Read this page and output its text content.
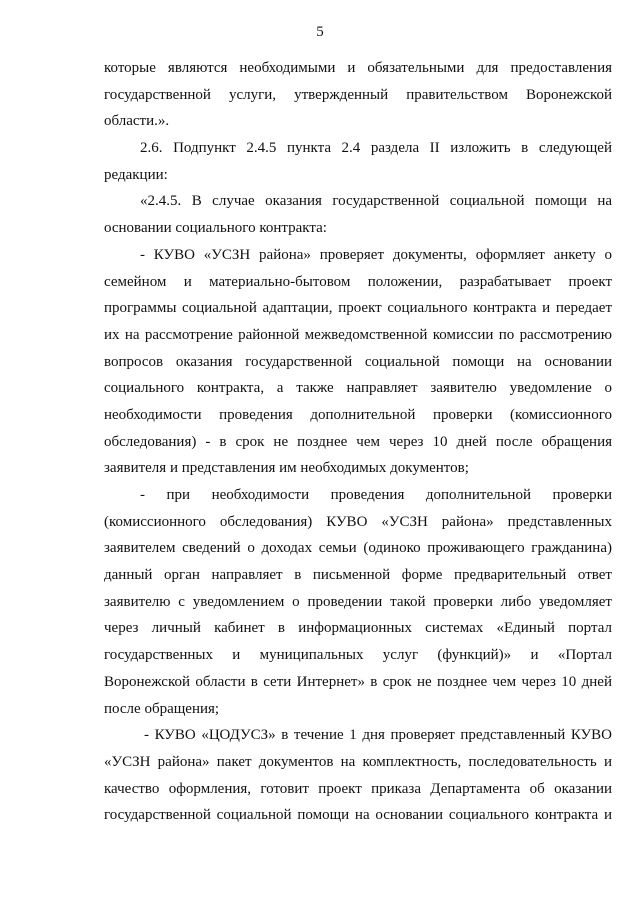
5
которые являются необходимыми и обязательными для предоставления
государственной услуги, утвержденный правительством Воронежской
области.».
2.6. Подпункт 2.4.5 пункта 2.4 раздела II изложить в следующей
редакции:
«2.4.5. В случае оказания государственной социальной помощи на
основании социального контракта:
- КУВО «УСЗН района» проверяет документы, оформляет анкету о
семейном и материально-бытовом положении, разрабатывает проект
программы социальной адаптации, проект социального контракта и передает
их на рассмотрение районной межведомственной комиссии по рассмотрению
вопросов оказания государственной социальной помощи на основании
социального контракта, а также направляет заявителю уведомление о
необходимости проведения дополнительной проверки (комиссионного
обследования) - в срок не позднее чем через 10 дней после обращения
заявителя и представления им необходимых документов;
- при необходимости проведения дополнительной проверки
(комиссионного обследования) КУВО «УСЗН района» представленных
заявителем сведений о доходах семьи (одиноко проживающего гражданина)
данный орган направляет в письменной форме предварительный ответ
заявителю с уведомлением о проведении такой проверки либо уведомляет
через личный кабинет в информационных системах «Единый портал
государственных и муниципальных услуг (функций)» и «Портал
Воронежской области в сети Интернет» в срок не позднее чем через 10 дней
после обращения;
- КУВО «ЦОДУСЗ» в течение 1 дня проверяет представленный КУВО
«УСЗН района» пакет документов на комплектность, последовательность и
качество оформления, готовит проект приказа Департамента об оказании
государственной социальной помощи на основании социального контракта и
